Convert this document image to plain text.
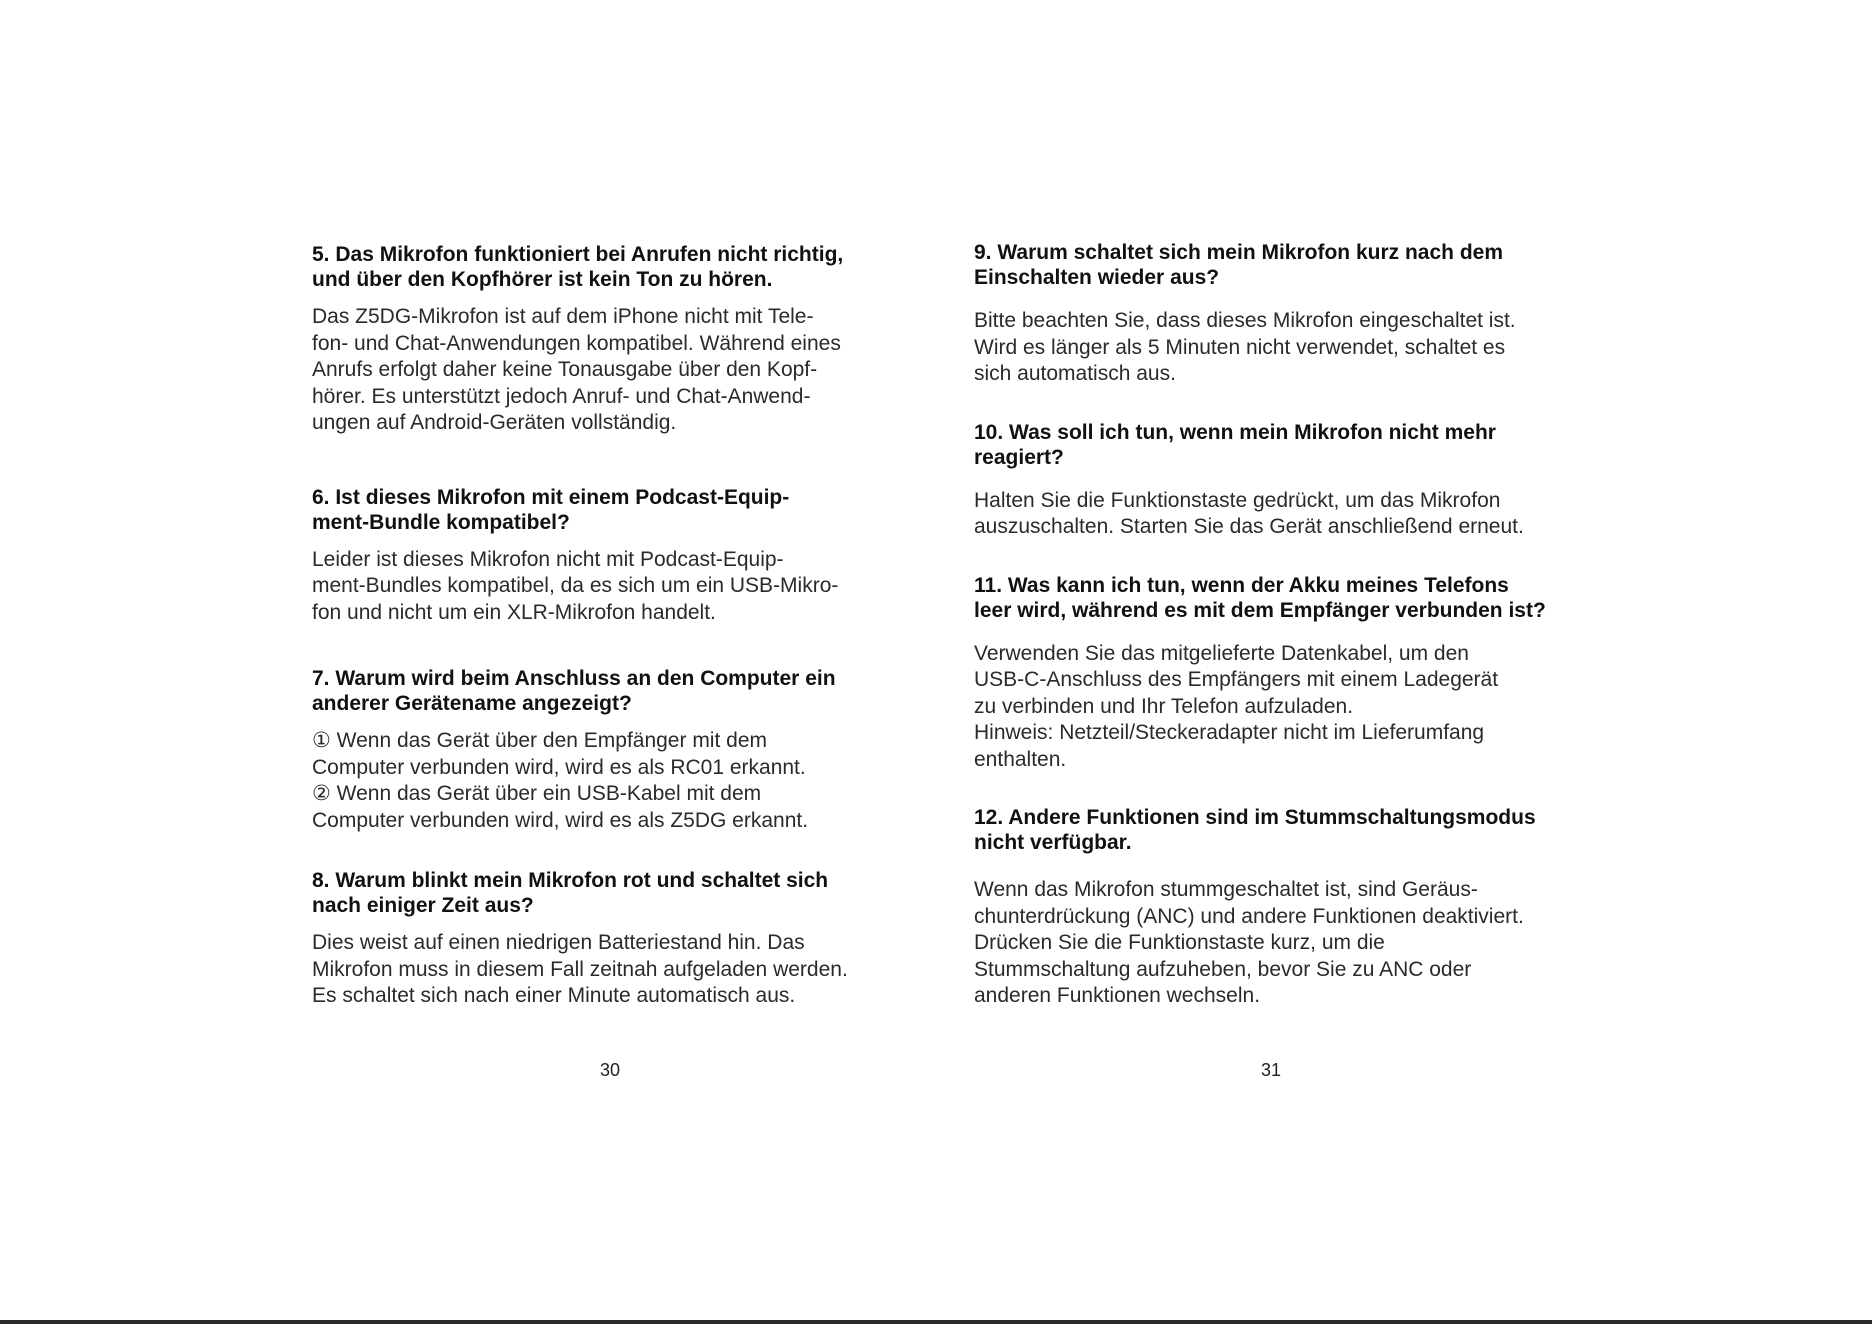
5. Das Mikrofon funktioniert bei Anrufen nicht richtig,
und über den Kopfhörer ist kein Ton zu hören.

Das Z5DG-Mikrofon ist auf dem iPhone nicht mit Tele-
fon- und Chat-Anwendungen kompatibel. Während eines
Anrufs erfolgt daher keine Tonausgabe über den Kopf-
hörer. Es unterstützt jedoch Anruf- und Chat-Anwend-
ungen auf Android-Geräten vollständig.

6. Ist dieses Mikrofon mit einem Podcast-Equip-
ment-Bundle kompatibel?

Leider ist dieses Mikrofon nicht mit Podcast-Equip-
ment-Bundles kompatibel, da es sich um ein USB-Mikro-
fon und nicht um ein XLR-Mikrofon handelt.

7. Warum wird beim Anschluss an den Computer ein
anderer Gerätename angezeigt?

① Wenn das Gerät über den Empfänger mit dem
Computer verbunden wird, wird es als RC01 erkannt.
② Wenn das Gerät über ein USB-Kabel mit dem
Computer verbunden wird, wird es als Z5DG erkannt.

8. Warum blinkt mein Mikrofon rot und schaltet sich
nach einiger Zeit aus?

Dies weist auf einen niedrigen Batteriestand hin. Das
Mikrofon muss in diesem Fall zeitnah aufgeladen werden.
Es schaltet sich nach einer Minute automatisch aus.

9. Warum schaltet sich mein Mikrofon kurz nach dem
Einschalten wieder aus?

Bitte beachten Sie, dass dieses Mikrofon eingeschaltet ist.
Wird es länger als 5 Minuten nicht verwendet, schaltet es
sich automatisch aus.

10. Was soll ich tun, wenn mein Mikrofon nicht mehr
reagiert?

Halten Sie die Funktionstaste gedrückt, um das Mikrofon
auszuschalten. Starten Sie das Gerät anschließend erneut.

11. Was kann ich tun, wenn der Akku meines Telefons
leer wird, während es mit dem Empfänger verbunden ist?

Verwenden Sie das mitgelieferte Datenkabel, um den
USB-C-Anschluss des Empfängers mit einem Ladegerät
zu verbinden und Ihr Telefon aufzuladen.
Hinweis: Netzteil/Steckeradapter nicht im Lieferumfang
enthalten.

12. Andere Funktionen sind im Stummschaltungsmodus
nicht verfügbar.

Wenn das Mikrofon stummgeschaltet ist, sind Geräus-
chunterdrückung (ANC) und andere Funktionen deaktiviert.
Drücken Sie die Funktionstaste kurz, um die
Stummschaltung aufzuheben, bevor Sie zu ANC oder
anderen Funktionen wechseln.

30	31
